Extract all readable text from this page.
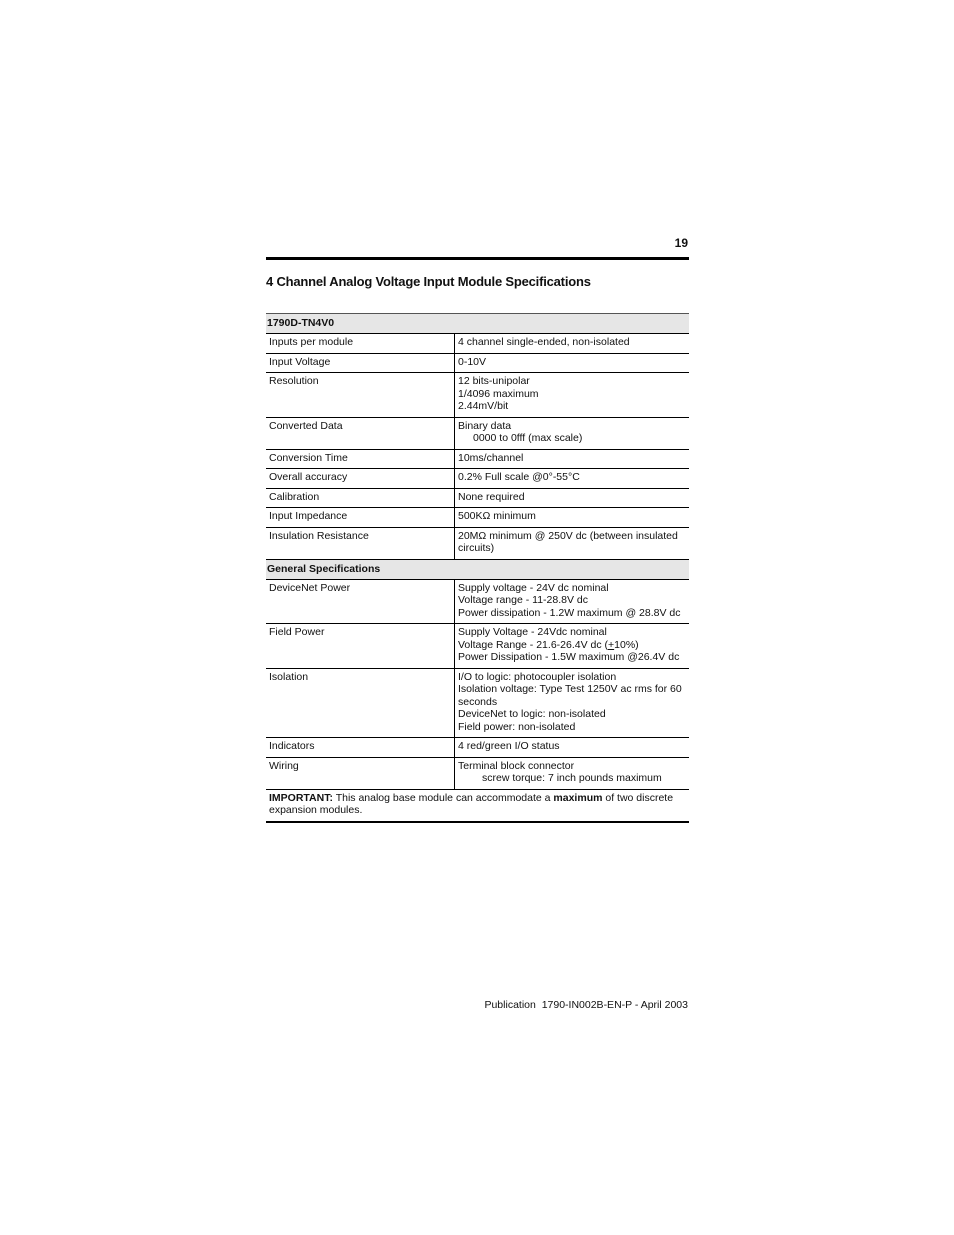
19
4 Channel Analog Voltage Input Module Specifications
1790D-TN4V0	
Inputs per module	4 channel single-ended, non-isolated

Input Voltage	0-10V

Resolution	12 bits-unipolar
1/4096 maximum
2.44mV/bit

Converted Data	Binary data
0000 to 0fff (max scale)

Conversion Time	10ms/channel

Overall accuracy	0.2% Full scale @0°-55°C

Calibration	None required

Input Impedance	500KΩ minimum

Insulation Resistance	20MΩ minimum @ 250V dc (between insulated
circuits)

General Specifications	
DeviceNet Power	Supply voltage - 24V dc nominal
Voltage range - 11-28.8V dc
Power dissipation - 1.2W maximum @ 28.8V dc

Field Power	Supply Voltage - 24Vdc nominal
Voltage Range - 21.6-26.4V dc (+10%)
Power Dissipation - 1.5W maximum @26.4V dc

Isolation	I/O to logic: photocoupler isolation
Isolation voltage: Type Test 1250V ac rms for 60
seconds
DeviceNet to logic: non-isolated
Field power: non-isolated

Indicators	4 red/green I/O status

Wiring	Terminal block connector
screw torque: 7 inch pounds maximum

IMPORTANT: This analog base module can accommodate a maximum of two discrete expansion modules.	
Publication 1790-IN002B-EN-P - April 2003
